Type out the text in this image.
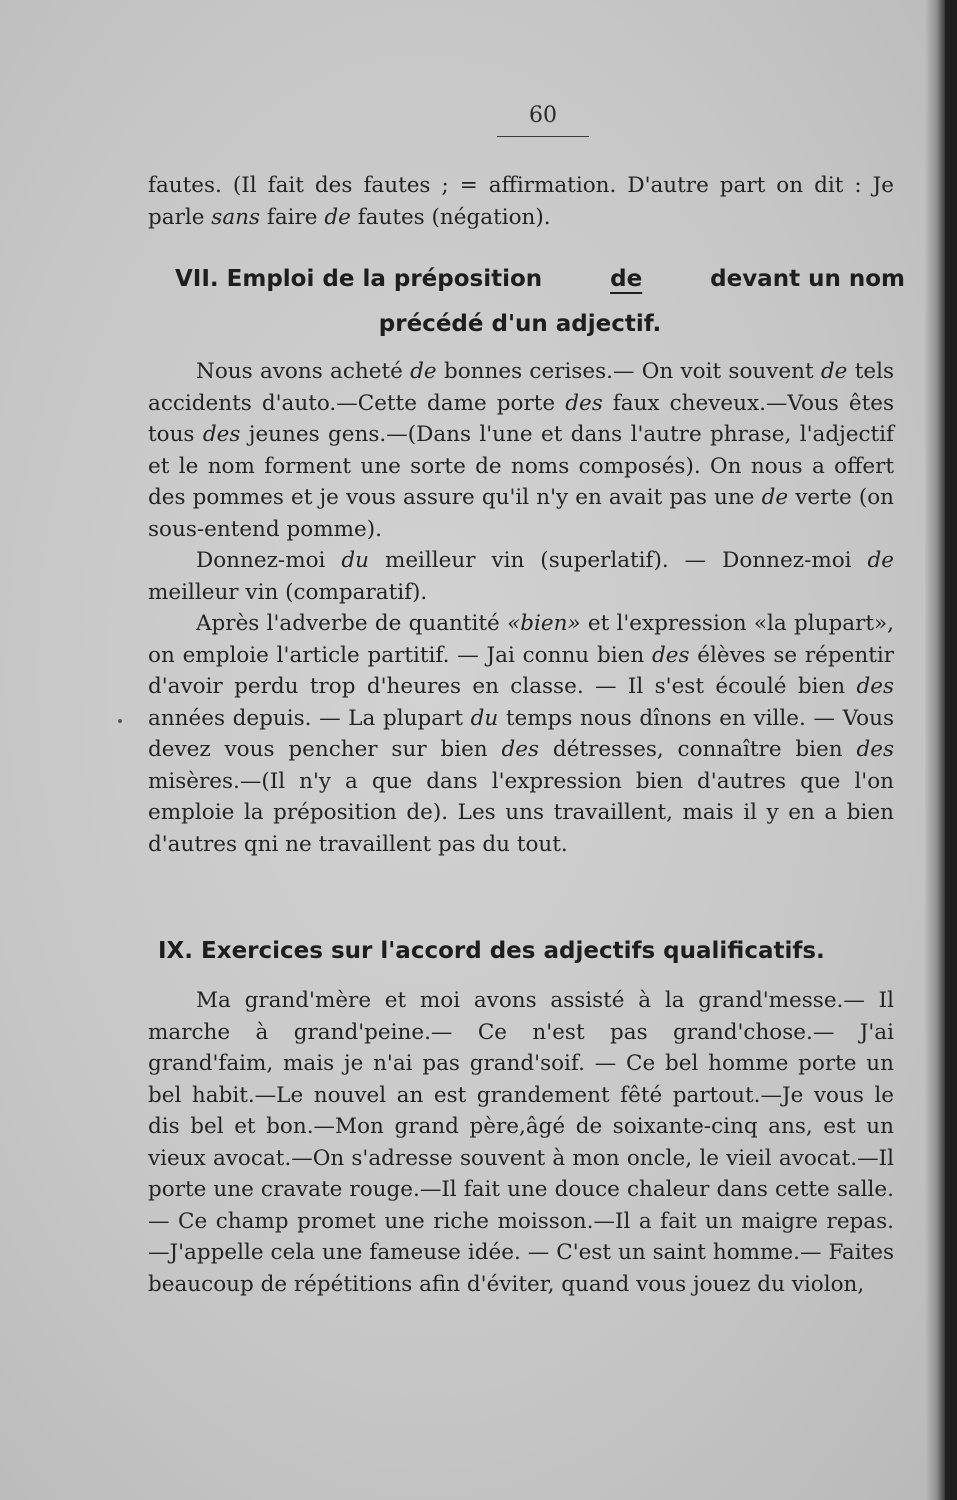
60

fautes. (Il fait des fautes ; = affirmation. D'autre part on dit : Je parle sans faire de fautes (négation).

VII. Emploi de la préposition	de	devant un nom
précédé d'un adjectif.

Nous avons acheté de bonnes cerises.— On voit souvent de tels accidents d'auto.—Cette dame porte des faux cheveux.—Vous êtes tous des jeunes gens.—(Dans l'une et dans l'autre phrase, l'adjectif et le nom forment une sorte de noms composés). On nous a offert des pommes et je vous assure qu'il n'y en avait pas une de verte (on sous-entend pomme).

Donnez-moi du meilleur vin (superlatif). — Donnez-moi de meilleur vin (comparatif).

Après l'adverbe de quantité «bien» et l'expression «la plupart», on emploie l'article partitif. — Jai connu bien des élèves se répentir d'avoir perdu trop d'heures en classe. — Il s'est écoulé bien des années depuis. — La plupart du temps nous dînons en ville. — Vous devez vous pencher sur bien des détresses, connaître bien des misères.—(Il n'y a que dans l'expression bien d'autres que l'on emploie la préposition de). Les uns travaillent, mais il y en a bien d'autres qni ne travaillent pas du tout.

IX. Exercices sur l'accord des adjectifs qualificatifs.

Ma grand'mère et moi avons assisté à la grand'messe.— Il marche à grand'peine.— Ce n'est pas grand'chose.— J'ai grand'faim, mais je n'ai pas grand'soif. — Ce bel homme porte un bel habit.—Le nouvel an est grandement fêté partout.—Je vous le dis bel et bon.—Mon grand père,âgé de soixante-cinq ans, est un vieux avocat.—On s'adresse souvent à mon oncle, le vieil avocat.—Il porte une cravate rouge.—Il fait une douce chaleur dans cette salle.— Ce champ promet une riche moisson.—Il a fait un maigre repas.—J'appelle cela une fameuse idée. — C'est un saint homme.— Faites beaucoup de répétitions afin d'éviter, quand vous jouez du violon,
